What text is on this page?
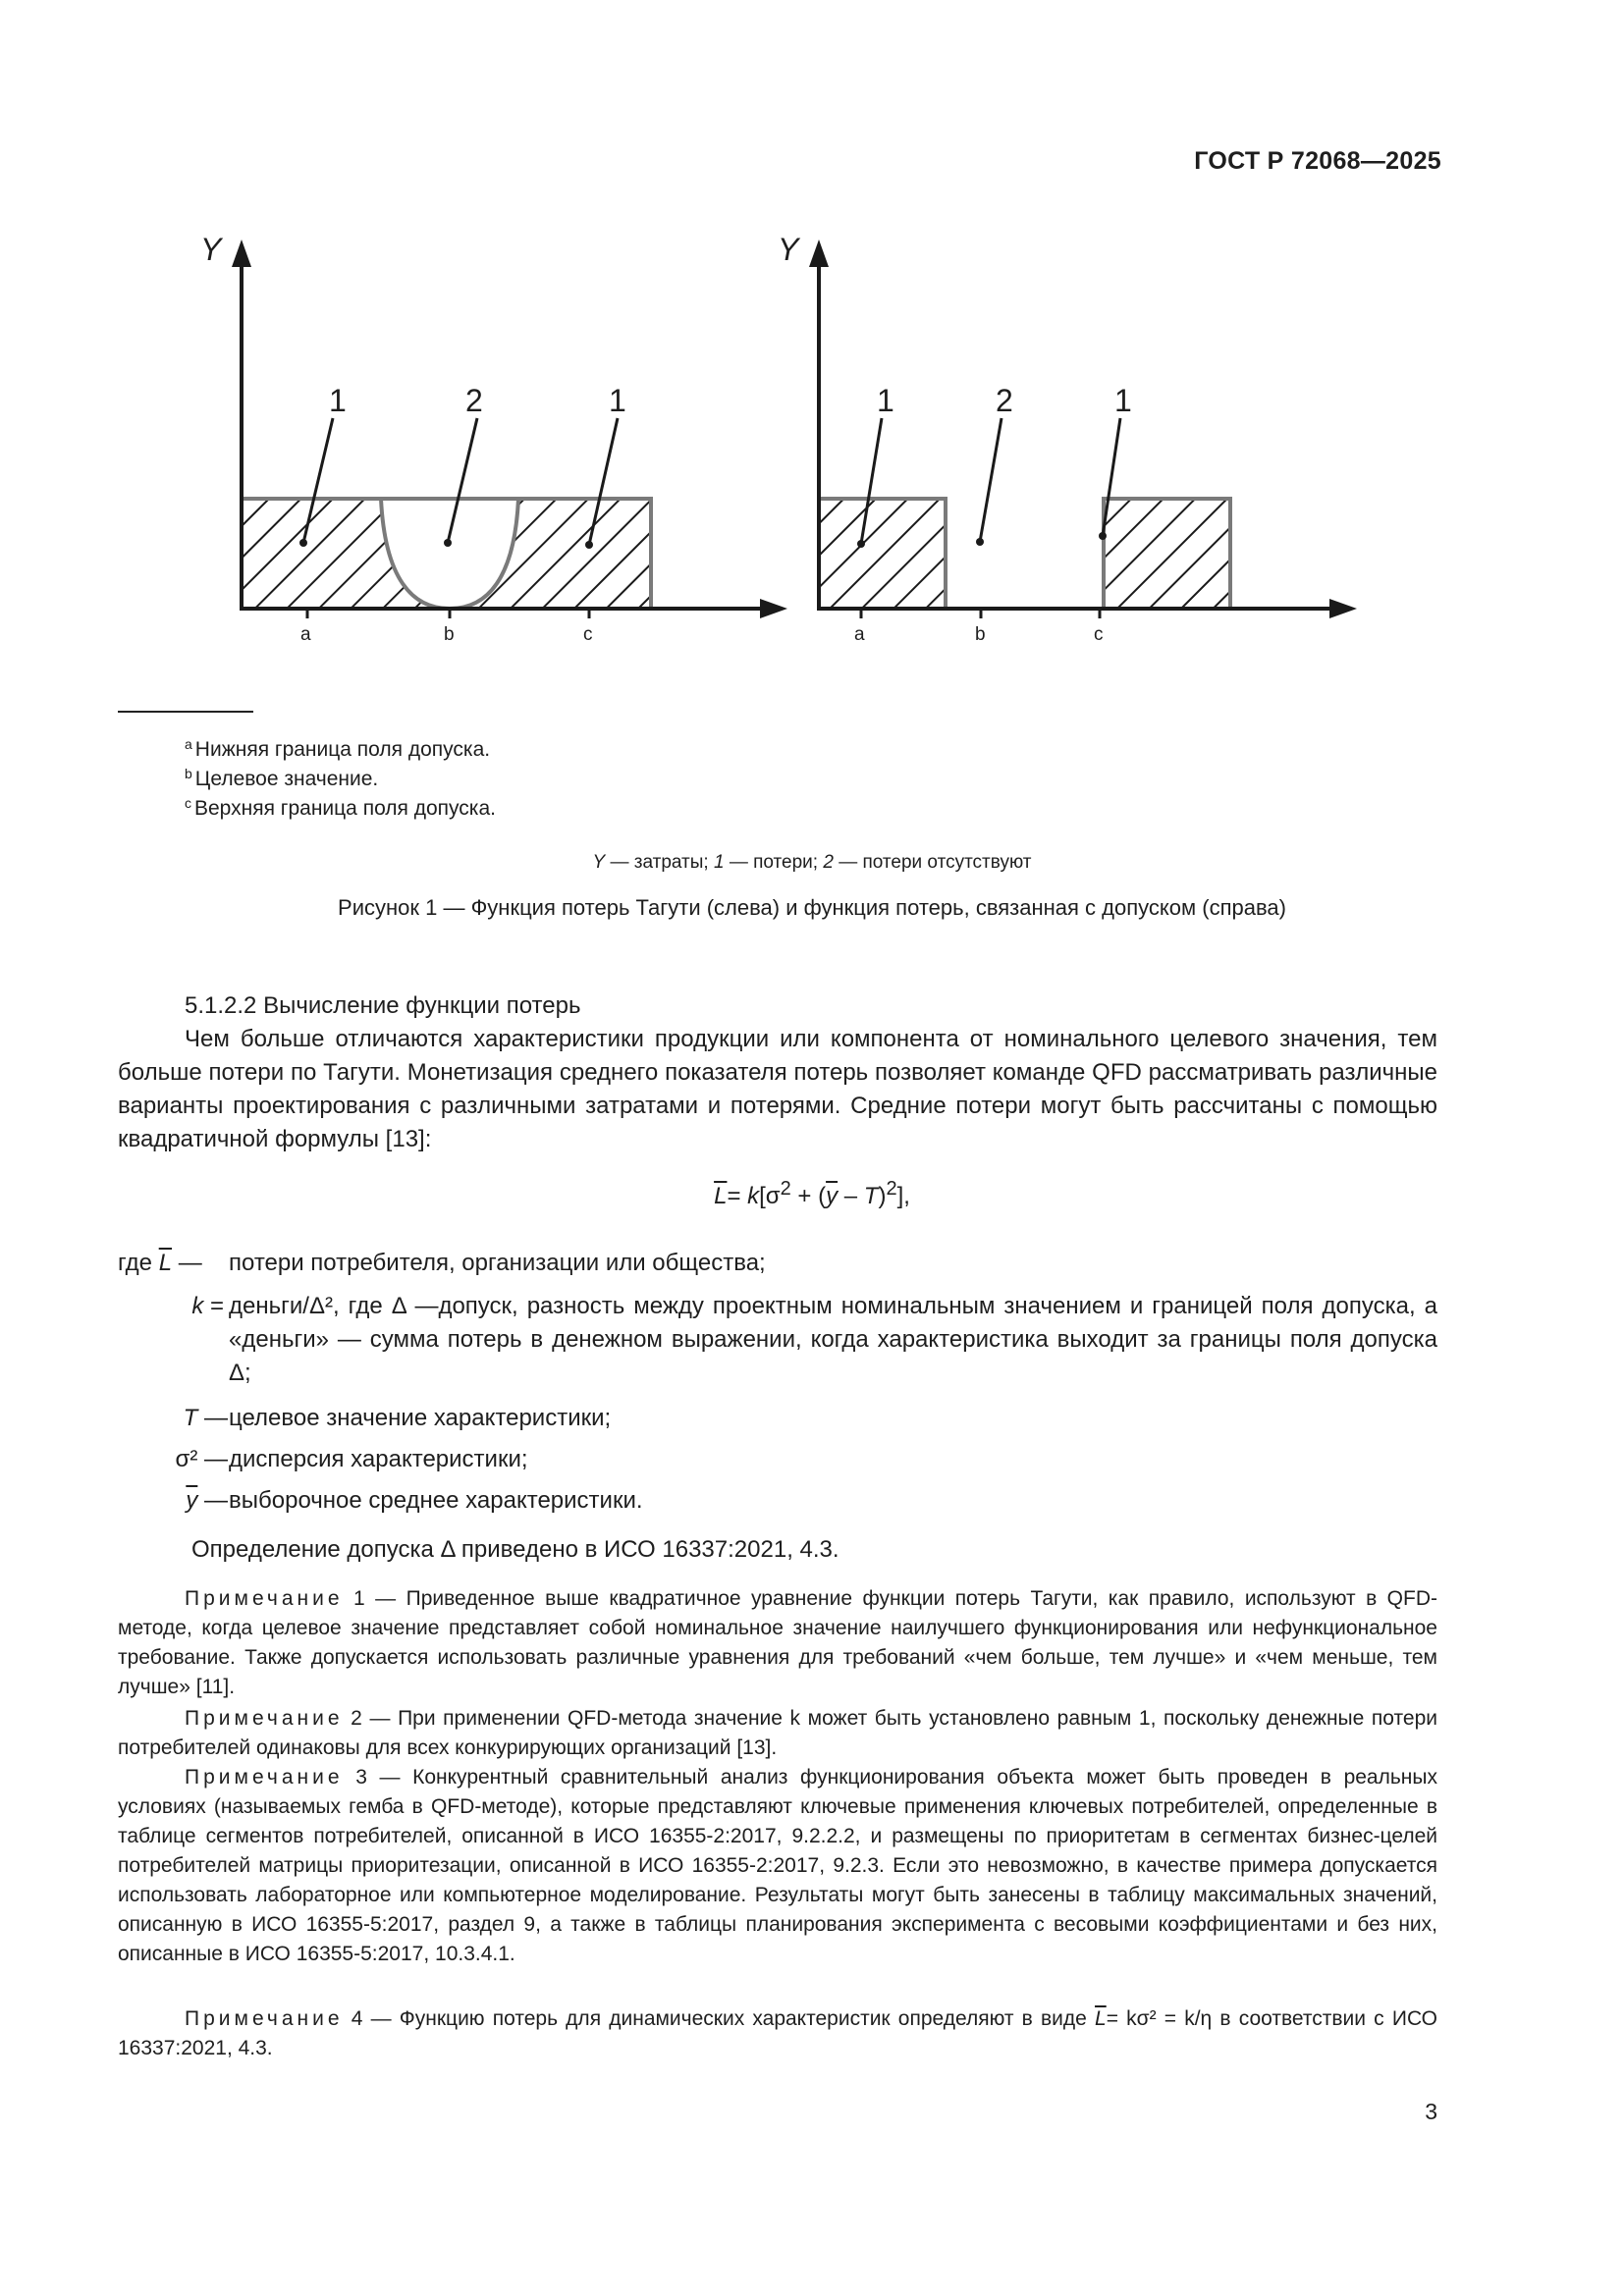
ГОСТ Р 72068—2025
Y
1	2	1
a	b	c
Y
1	2	1
a	b	c
$^a$ Нижняя граница поля допуска.
$^b$ Целевое значение.
$^c$ Верхняя граница поля допуска.
Y — затраты; 1 — потери; 2 — потери отсутствуют
Рисунок 1 — Функция потерь Тагути (слева) и функция потерь, связанная с допуском (справа)
5.1.2.2 Вычисление функции потерь
Чем больше отличаются характеристики продукции или компонента от номинального целевого значения, тем больше потери по Тагути. Монетизация среднего показателя потерь позволяет команде QFD рассматривать различные варианты проектирования с различными затратами и потерями. Средние потери могут быть рассчитаны с помощью квадратичной формулы [13]:
$\overline{L}= k[\sigma^2 + (\overline{y} - T)^2]$,
где $\overline{L}$ — потери потребителя, организации или общества;
k = деньги/Δ², где Δ —допуск, разность между проектным номинальным значением и границей поля допуска, а «деньги» — сумма потерь в денежном выражении, когда характеристика выходит за границы поля допуска Δ;
T — целевое значение характеристики;
σ² — дисперсия характеристики;
$\overline{y}$ — выборочное среднее характеристики.
Определение допуска Δ приведено в ИСО 16337:2021, 4.3.
Примечание 1 — Приведенное выше квадратичное уравнение функции потерь Тагути, как правило, используют в QFD-методе, когда целевое значение представляет собой номинальное значение наилучшего функционирования или нефункциональное требование. Также допускается использовать различные уравнения для требований «чем больше, тем лучше» и «чем меньше, тем лучше» [11].
Примечание 2 — При применении QFD-метода значение k может быть установлено равным 1, поскольку денежные потери потребителей одинаковы для всех конкурирующих организаций [13].
Примечание 3 — Конкурентный сравнительный анализ функционирования объекта может быть проведен в реальных условиях (называемых гемба в QFD-методе), которые представляют ключевые применения ключевых потребителей, определенные в таблице сегментов потребителей, описанной в ИСО 16355-2:2017, 9.2.2.2, и размещены по приоритетам в сегментах бизнес-целей потребителей матрицы приоритезации, описанной в ИСО 16355-2:2017, 9.2.3. Если это невозможно, в качестве примера допускается использовать лабораторное или компьютерное моделирование. Результаты могут быть занесены в таблицу максимальных значений, описанную в ИСО 16355-5:2017, раздел 9, а также в таблицы планирования эксперимента с весовыми коэффициентами и без них, описанные в ИСО 16355-5:2017, 10.3.4.1.
Примечание 4 — Функцию потерь для динамических характеристик определяют в виде $\overline{L}= k\sigma^2 = k/\eta$ в соответствии с ИСО 16337:2021, 4.3.
3
